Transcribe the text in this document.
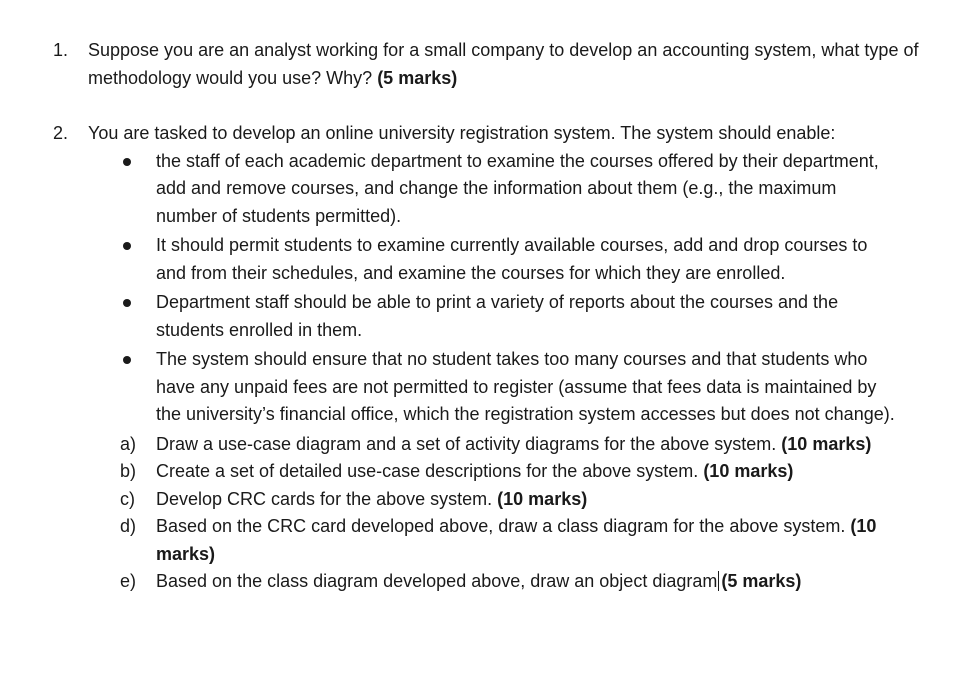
1. Suppose you are an analyst working for a small company to develop an accounting system, what type of methodology would you use? Why? (5 marks)
2. You are tasked to develop an online university registration system. The system should enable:
the staff of each academic department to examine the courses offered by their department, add and remove courses, and change the information about them (e.g., the maximum number of students permitted).
It should permit students to examine currently available courses, add and drop courses to and from their schedules, and examine the courses for which they are enrolled.
Department staff should be able to print a variety of reports about the courses and the students enrolled in them.
The system should ensure that no student takes too many courses and that students who have any unpaid fees are not permitted to register (assume that fees data is maintained by the university’s financial office, which the registration system accesses but does not change).
a) Draw a use-case diagram and a set of activity diagrams for the above system. (10 marks)
b) Create a set of detailed use-case descriptions for the above system. (10 marks)
c) Develop CRC cards for the above system. (10 marks)
d) Based on the CRC card developed above, draw a class diagram for the above system. (10 marks)
e) Based on the class diagram developed above, draw an object diagram (5 marks)
